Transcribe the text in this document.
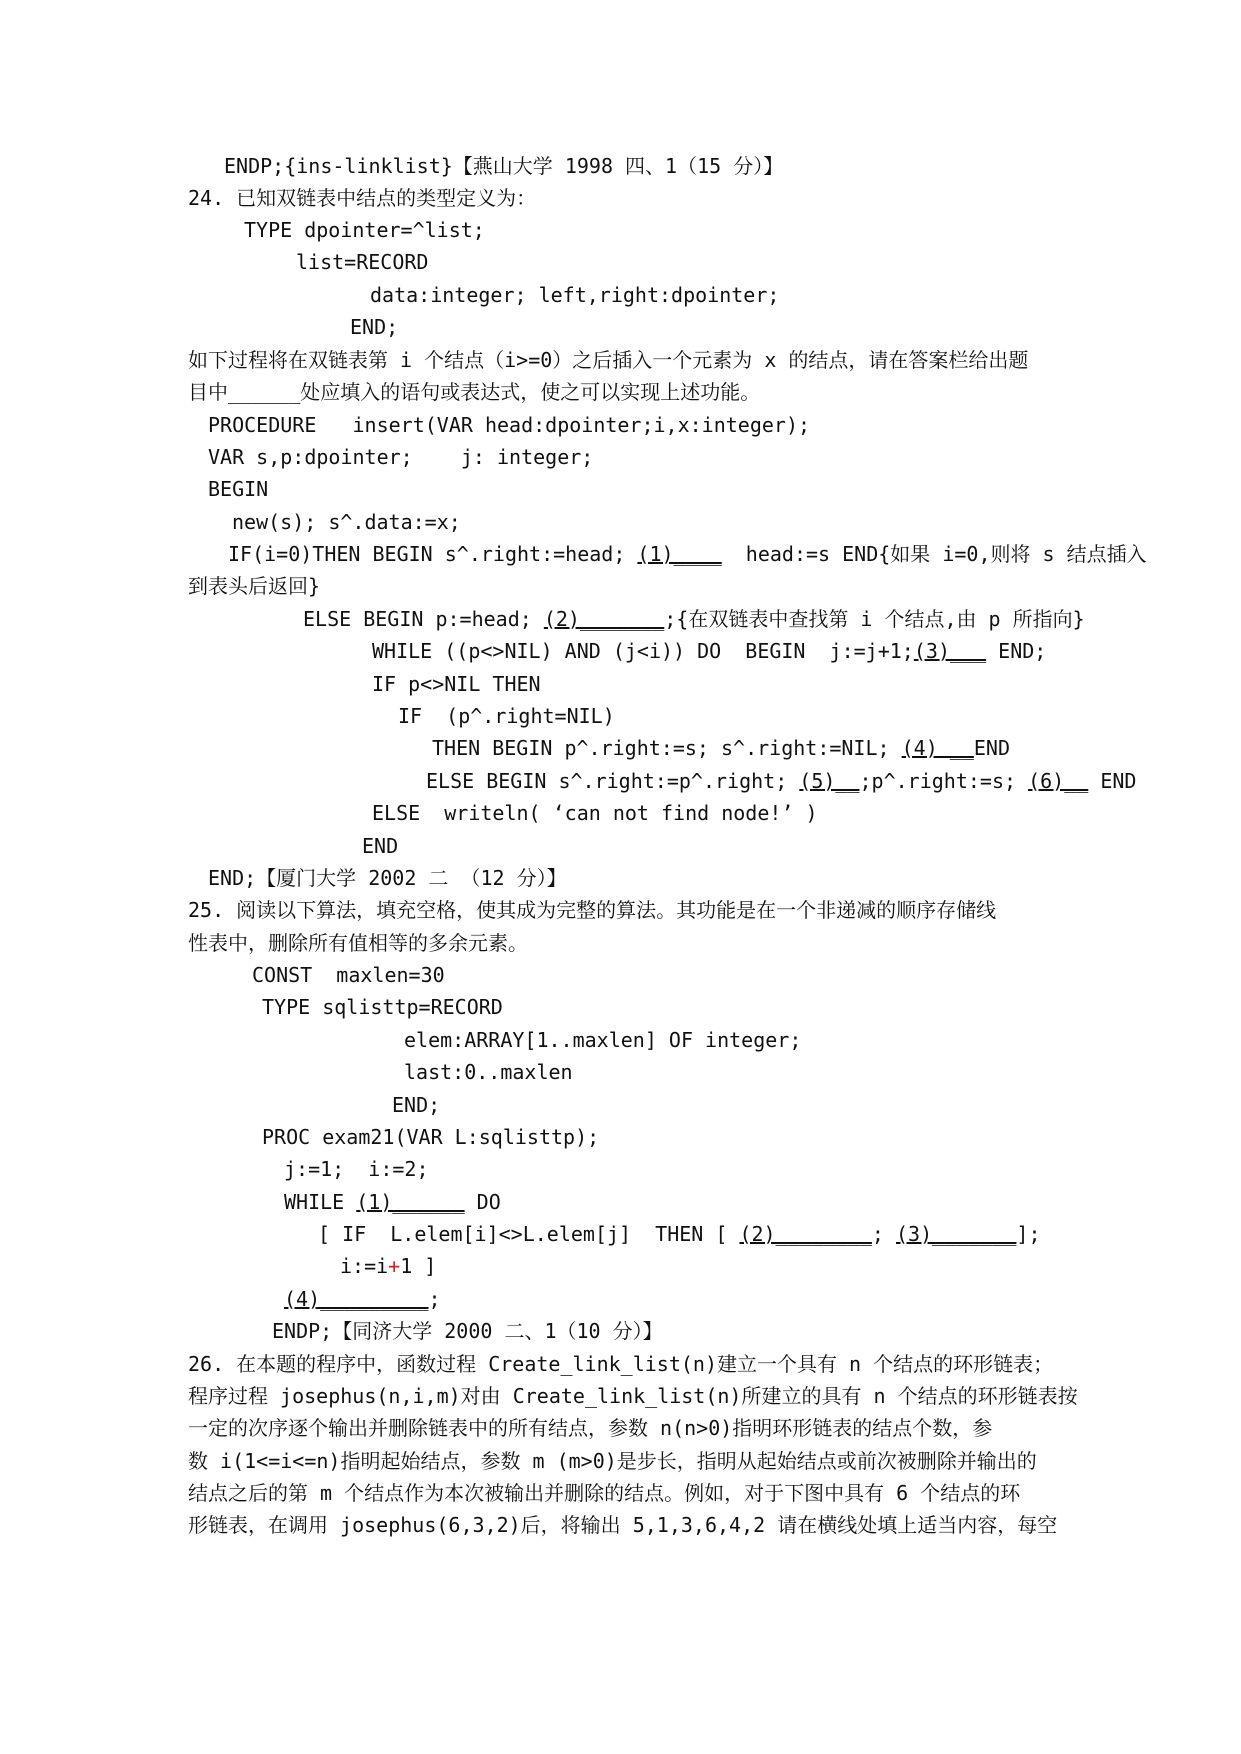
ENDP;{ins-linklist}【燕山大学 1998 四、1（15 分）】
24. 已知双链表中结点的类型定义为：
TYPE dpointer=^list;
list=RECORD
data:integer; left,right:dpointer;
END;
如下过程将在双链表第 i 个结点（i>=0）之后插入一个元素为 x 的结点，请在答案栏给出题
目中______处应填入的语句或表达式，使之可以实现上述功能。
PROCEDURE   insert(VAR head:dpointer;i,x:integer);
VAR s,p:dpointer;    j: integer;
BEGIN
new(s); s^.data:=x;
IF(i=0)THEN BEGIN s^.right:=head; (1)____  head:=s END{如果 i=0,则将 s 结点插入
到表头后返回}
ELSE BEGIN p:=head; (2)_______;{在双链表中查找第 i 个结点,由 p 所指向}
WHILE ((p<>NIL) AND (j<i)) DO  BEGIN  j:=j+1;(3)___ END;
IF p<>NIL THEN
IF  (p^.right=NIL)
THEN BEGIN p^.right:=s; s^.right:=NIL; (4) __END
ELSE BEGIN s^.right:=p^.right; (5)__;p^.right:=s; (6)__ END
ELSE  writeln( ‘can not find node!’ )
END
END;【厦门大学 2002 二 （12 分）】
25. 阅读以下算法，填充空格，使其成为完整的算法。其功能是在一个非递减的顺序存储线
性表中，删除所有值相等的多余元素。
CONST  maxlen=30
TYPE sqlisttp=RECORD
elem:ARRAY[1..maxlen] OF integer;
last:0..maxlen
END;
PROC exam21(VAR L:sqlisttp);
j:=1;  i:=2;
WHILE (1)______ DO
[ IF  L.elem[i]<>L.elem[j]  THEN [ (2)________; (3)_______];
i:=i+1 ]
(4)_________;
ENDP;【同济大学 2000 二、1（10 分）】
26. 在本题的程序中，函数过程 Create_link_list(n)建立一个具有 n 个结点的环形链表；
程序过程 josephus(n,i,m)对由 Create_link_list(n)所建立的具有 n 个结点的环形链表按
一定的次序逐个输出并删除链表中的所有结点，参数 n(n>0)指明环形链表的结点个数，参
数 i(1<=i<=n)指明起始结点，参数 m (m>0)是步长，指明从起始结点或前次被删除并输出的
结点之后的第 m 个结点作为本次被输出并删除的结点。例如，对于下图中具有 6 个结点的环
形链表，在调用 josephus(6,3,2)后，将输出 5,1,3,6,4,2 请在横线处填上适当内容，每空
